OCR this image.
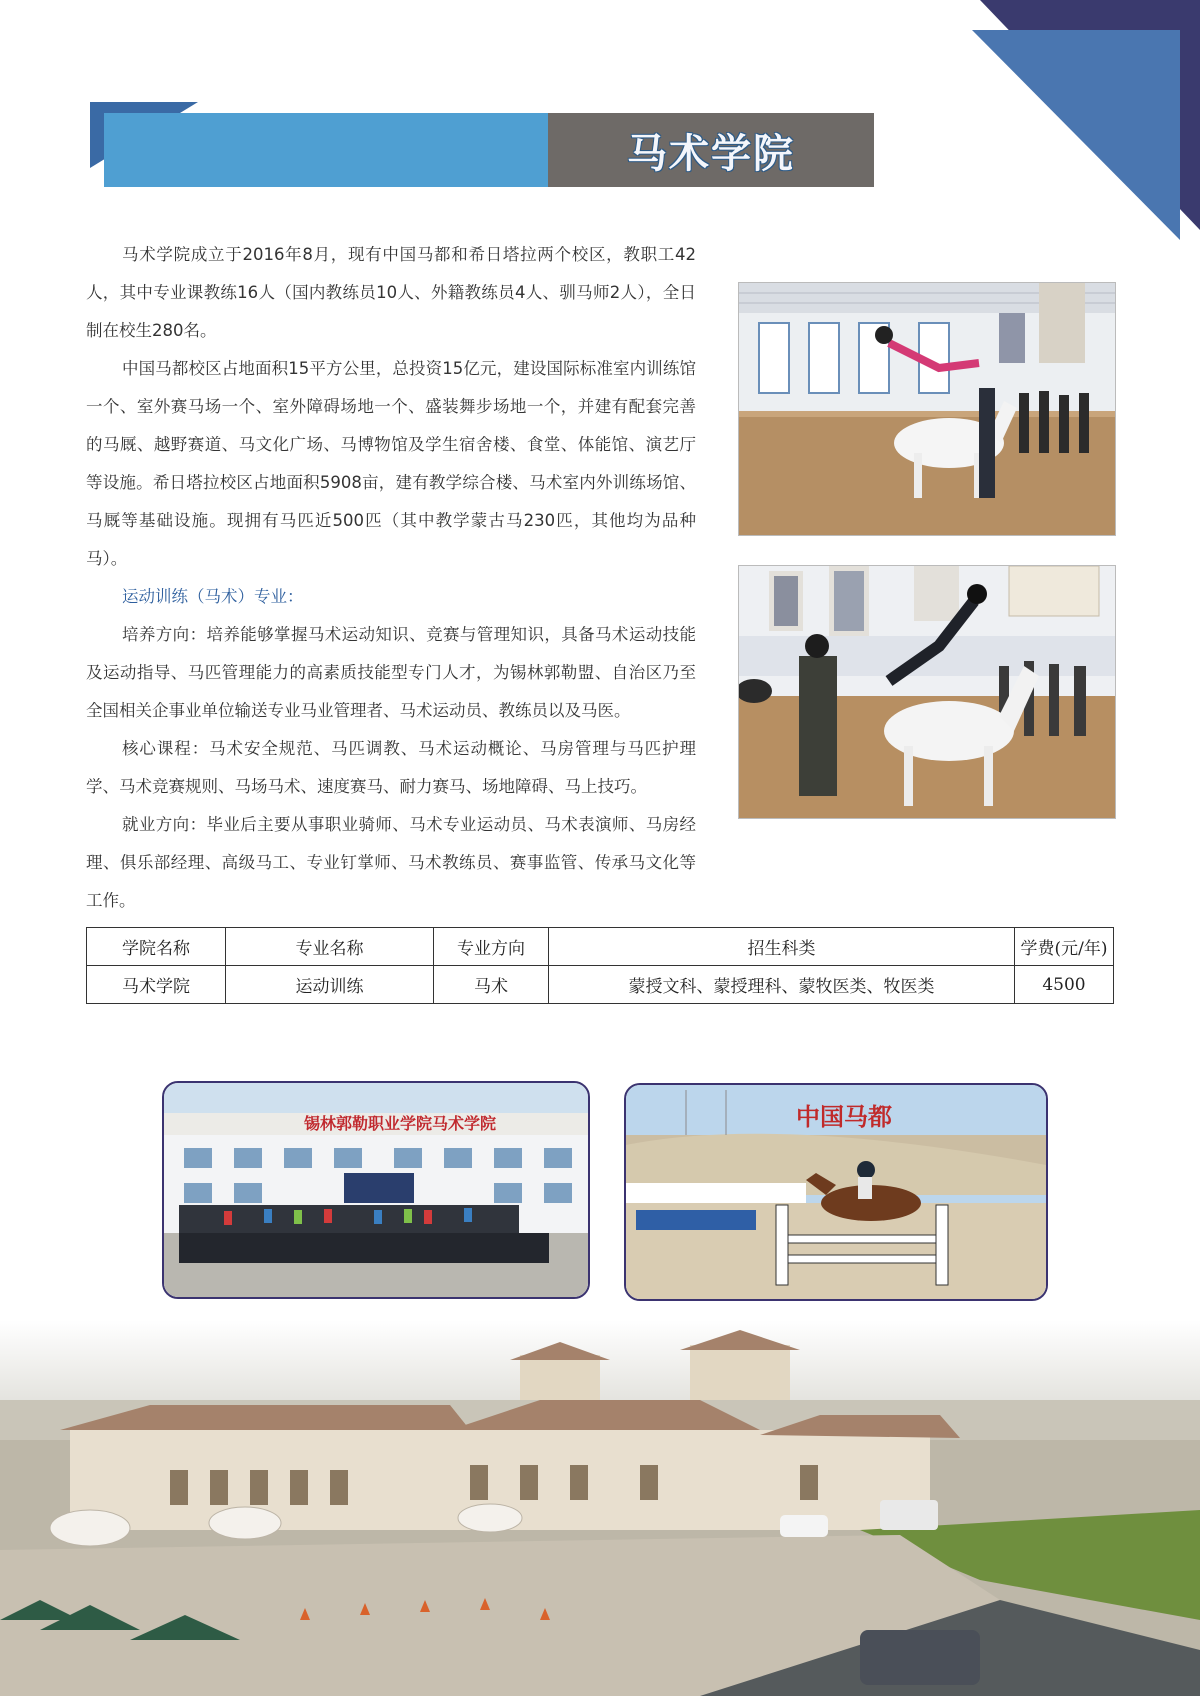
马术学院

马术学院成立于2016年8月，现有中国马都和希日塔拉两个校区，教职工42人，其中专业课教练16人（国内教练员10人、外籍教练员4人、驯马师2人），全日制在校生280名。

中国马都校区占地面积15平方公里，总投资15亿元，建设国际标准室内训练馆一个、室外赛马场一个、室外障碍场地一个、盛装舞步场地一个，并建有配套完善的马厩、越野赛道、马文化广场、马博物馆及学生宿舍楼、食堂、体能馆、演艺厅等设施。希日塔拉校区占地面积5908亩，建有教学综合楼、马术室内外训练场馆、马厩等基础设施。现拥有马匹近500匹（其中教学蒙古马230匹，其他均为品种马）。

运动训练（马术）专业：

培养方向：培养能够掌握马术运动知识、竞赛与管理知识，具备马术运动技能及运动指导、马匹管理能力的高素质技能型专门人才，为锡林郭勒盟、自治区乃至全国相关企事业单位输送专业马业管理者、马术运动员、教练员以及马医。

核心课程：马术安全规范、马匹调教、马术运动概论、马房管理与马匹护理学、马术竞赛规则、马场马术、速度赛马、耐力赛马、场地障碍、马上技巧。

就业方向：毕业后主要从事职业骑师、马术专业运动员、马术表演师、马房经理、俱乐部经理、高级马工、专业钉掌师、马术教练员、赛事监管、传承马文化等工作。

学院名称	专业名称	专业方向	招生科类	学费(元/年)
马术学院	运动训练	马术	蒙授文科、蒙授理科、蒙牧医类、牧医类	4500
锡林郭勒职业学院马术学院	中国马都
